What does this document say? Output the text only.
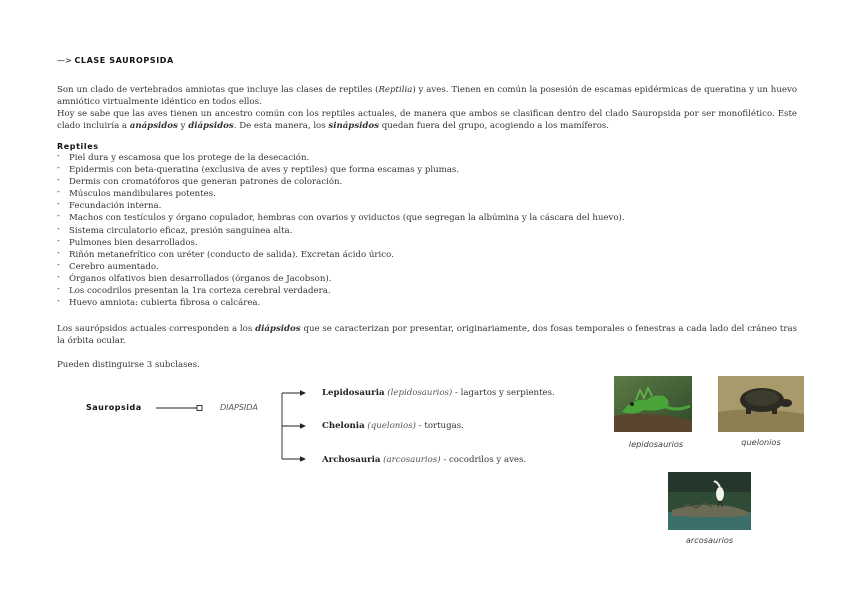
—> CLASE SAUROPSIDA

Son un clado de vertebrados amniotas que incluye las clases de reptiles (Reptilia) y aves. Tienen en común la posesión de escamas epidérmicas de queratina y un huevo amniótico virtualmente idéntico en todos ellos.

Hoy se sabe que las aves tienen un ancestro común con los reptiles actuales, de manera que ambos se clasifican dentro del clado Sauropsida por ser monofilético. Este clado incluiría a anápsidos y diápsidos. De esta manera, los sinápsidos quedan fuera del grupo, acogiendo a los mamíferos.

Reptiles
- Piel dura y escamosa que los protege de la desecación.
- Epidermis con beta-queratina (exclusiva de aves y reptiles) que forma escamas y plumas.
- Dermis con cromatóforos que generan patrones de coloración.
- Músculos mandibulares potentes.
- Fecundación interna.
- Machos con testículos y órgano copulador, hembras con ovarios y oviductos (que segregan la albúmina y la cáscara del huevo).
- Sistema circulatorio eficaz, presión sanguínea alta.
- Pulmones bien desarrollados.
- Riñón metanefrítico con uréter (conducto de salida). Excretan ácido úrico.
- Cerebro aumentado.
- Órganos olfativos bien desarrollados (órganos de Jacobson).
- Los cocodrilos presentan la 1ra corteza cerebral verdadera.
- Huevo amniota: cubierta fibrosa o calcárea.

Los saurópsidos actuales corresponden a los diápsidos que se caracterizan por presentar, originariamente, dos fosas temporales o fenestras a cada lado del cráneo tras la órbita ocular.

Pueden distinguirse 3 subclases.
Sauropsida	DIAPSIDA
Lepidosauria (lepidosaurios) - lagartos y serpientes.
Chelonia (quelonios) - tortugas.
Archosauria (arcosaurios) - cocodrilos y aves.
lepidosaurios	quelonios
arcosaurios
